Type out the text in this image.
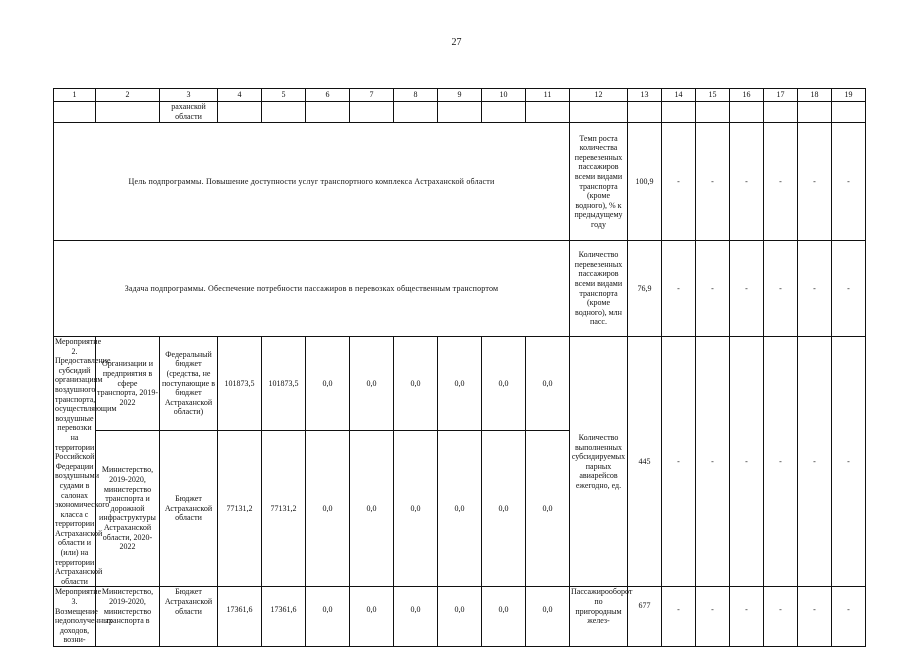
27
1	2	3	4	5	6	7	8	9	10	11	12	13	14	15	16	17	18	19
		раханской области																
Цель подпрограммы. Повышение доступности услуг транспортного комплекса Астраханской области											Темп роста количества перевезенных пассажиров всеми видами транспорта (кроме водного), % к предыдущему году	100,9	-	-	-	-	-	-
Задача подпрограммы. Обеспечение потребности пассажиров в перевозках общественным транспортом											Количество перевезенных пассажиров всеми видами транспорта (кроме водного), млн пасс.	76,9	-	-	-	-	-	-
Мероприятие 2. Предоставление субсидий организациям воздушного транспорта, осуществляющим воздушные перевозки на территории Российской Федерации воздушными судами в салонах экономического класса с территории Астраханской области и (или) на территории Астраханской области	Организации и предприятия в сфере транспорта, 2019-2022	Федеральный бюджет (средства, не поступающие в бюджет Астраханской области)	101873,5	101873,5	0,0	0,0	0,0	0,0	0,0	0,0	Количество выполненных субсидируемых парных авиарейсов ежегодно, ед.	445	-	-	-	-	-	-
	Министерство, 2019-2020, министерство транспорта и дорожной инфраструктуры Астраханской области, 2020-2022	Бюджет Астраханской области	77131,2	77131,2	0,0	0,0	0,0	0,0	0,0	0,0								
Мероприятие 3. Возмещение недополученных доходов, возни-	Министерство, 2019-2020, министерство транспорта в	Бюджет Астраханской области	17361,6	17361,6	0,0	0,0	0,0	0,0	0,0	0,0	Пассажирооборот по пригородным желез-	677	-	-	-	-	-	-
